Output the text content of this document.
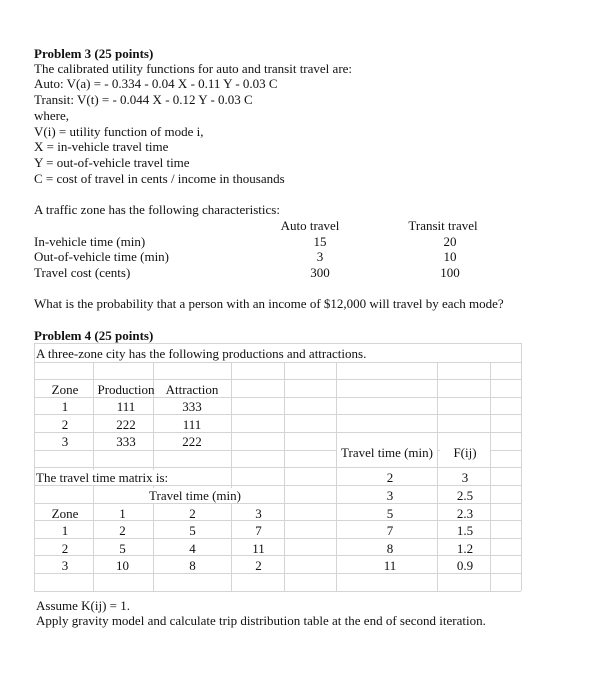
Problem 3 (25 points)
The calibrated utility functions for auto and transit travel are:
Auto: V(a) = - 0.334 - 0.04 X - 0.11 Y - 0.03 C
Transit: V(t) = - 0.044 X - 0.12 Y - 0.03 C
where,
V(i) = utility function of mode i,
X = in-vehicle travel time
Y = out-of-vehicle travel time
C = cost of travel in cents / income in thousands
A traffic zone has the following characteristics:
Auto travel	Transit travel
In-vehicle time (min)	15	20
Out-of-vehicle time (min)	3	10
Travel cost (cents)	300	100
What is the probability that a person with an income of $12,000 will travel by each mode?
Problem 4 (25 points)
A three-zone city has the following productions and attractions.
Zone	Production Attraction
1	111	333
2	222	111
3	333	222
Travel time (min)	F(ij)
2	3
3	2.5
5	2.3
7	1.5
8	1.2
11	0.9
The travel time matrix is:
Travel time (min)
Zone	1	2	3
1	2	5	7
2	5	4	11
3	10	8	2
Assume K(ij) = 1.
Apply gravity model and calculate trip distribution table at the end of second iteration.
